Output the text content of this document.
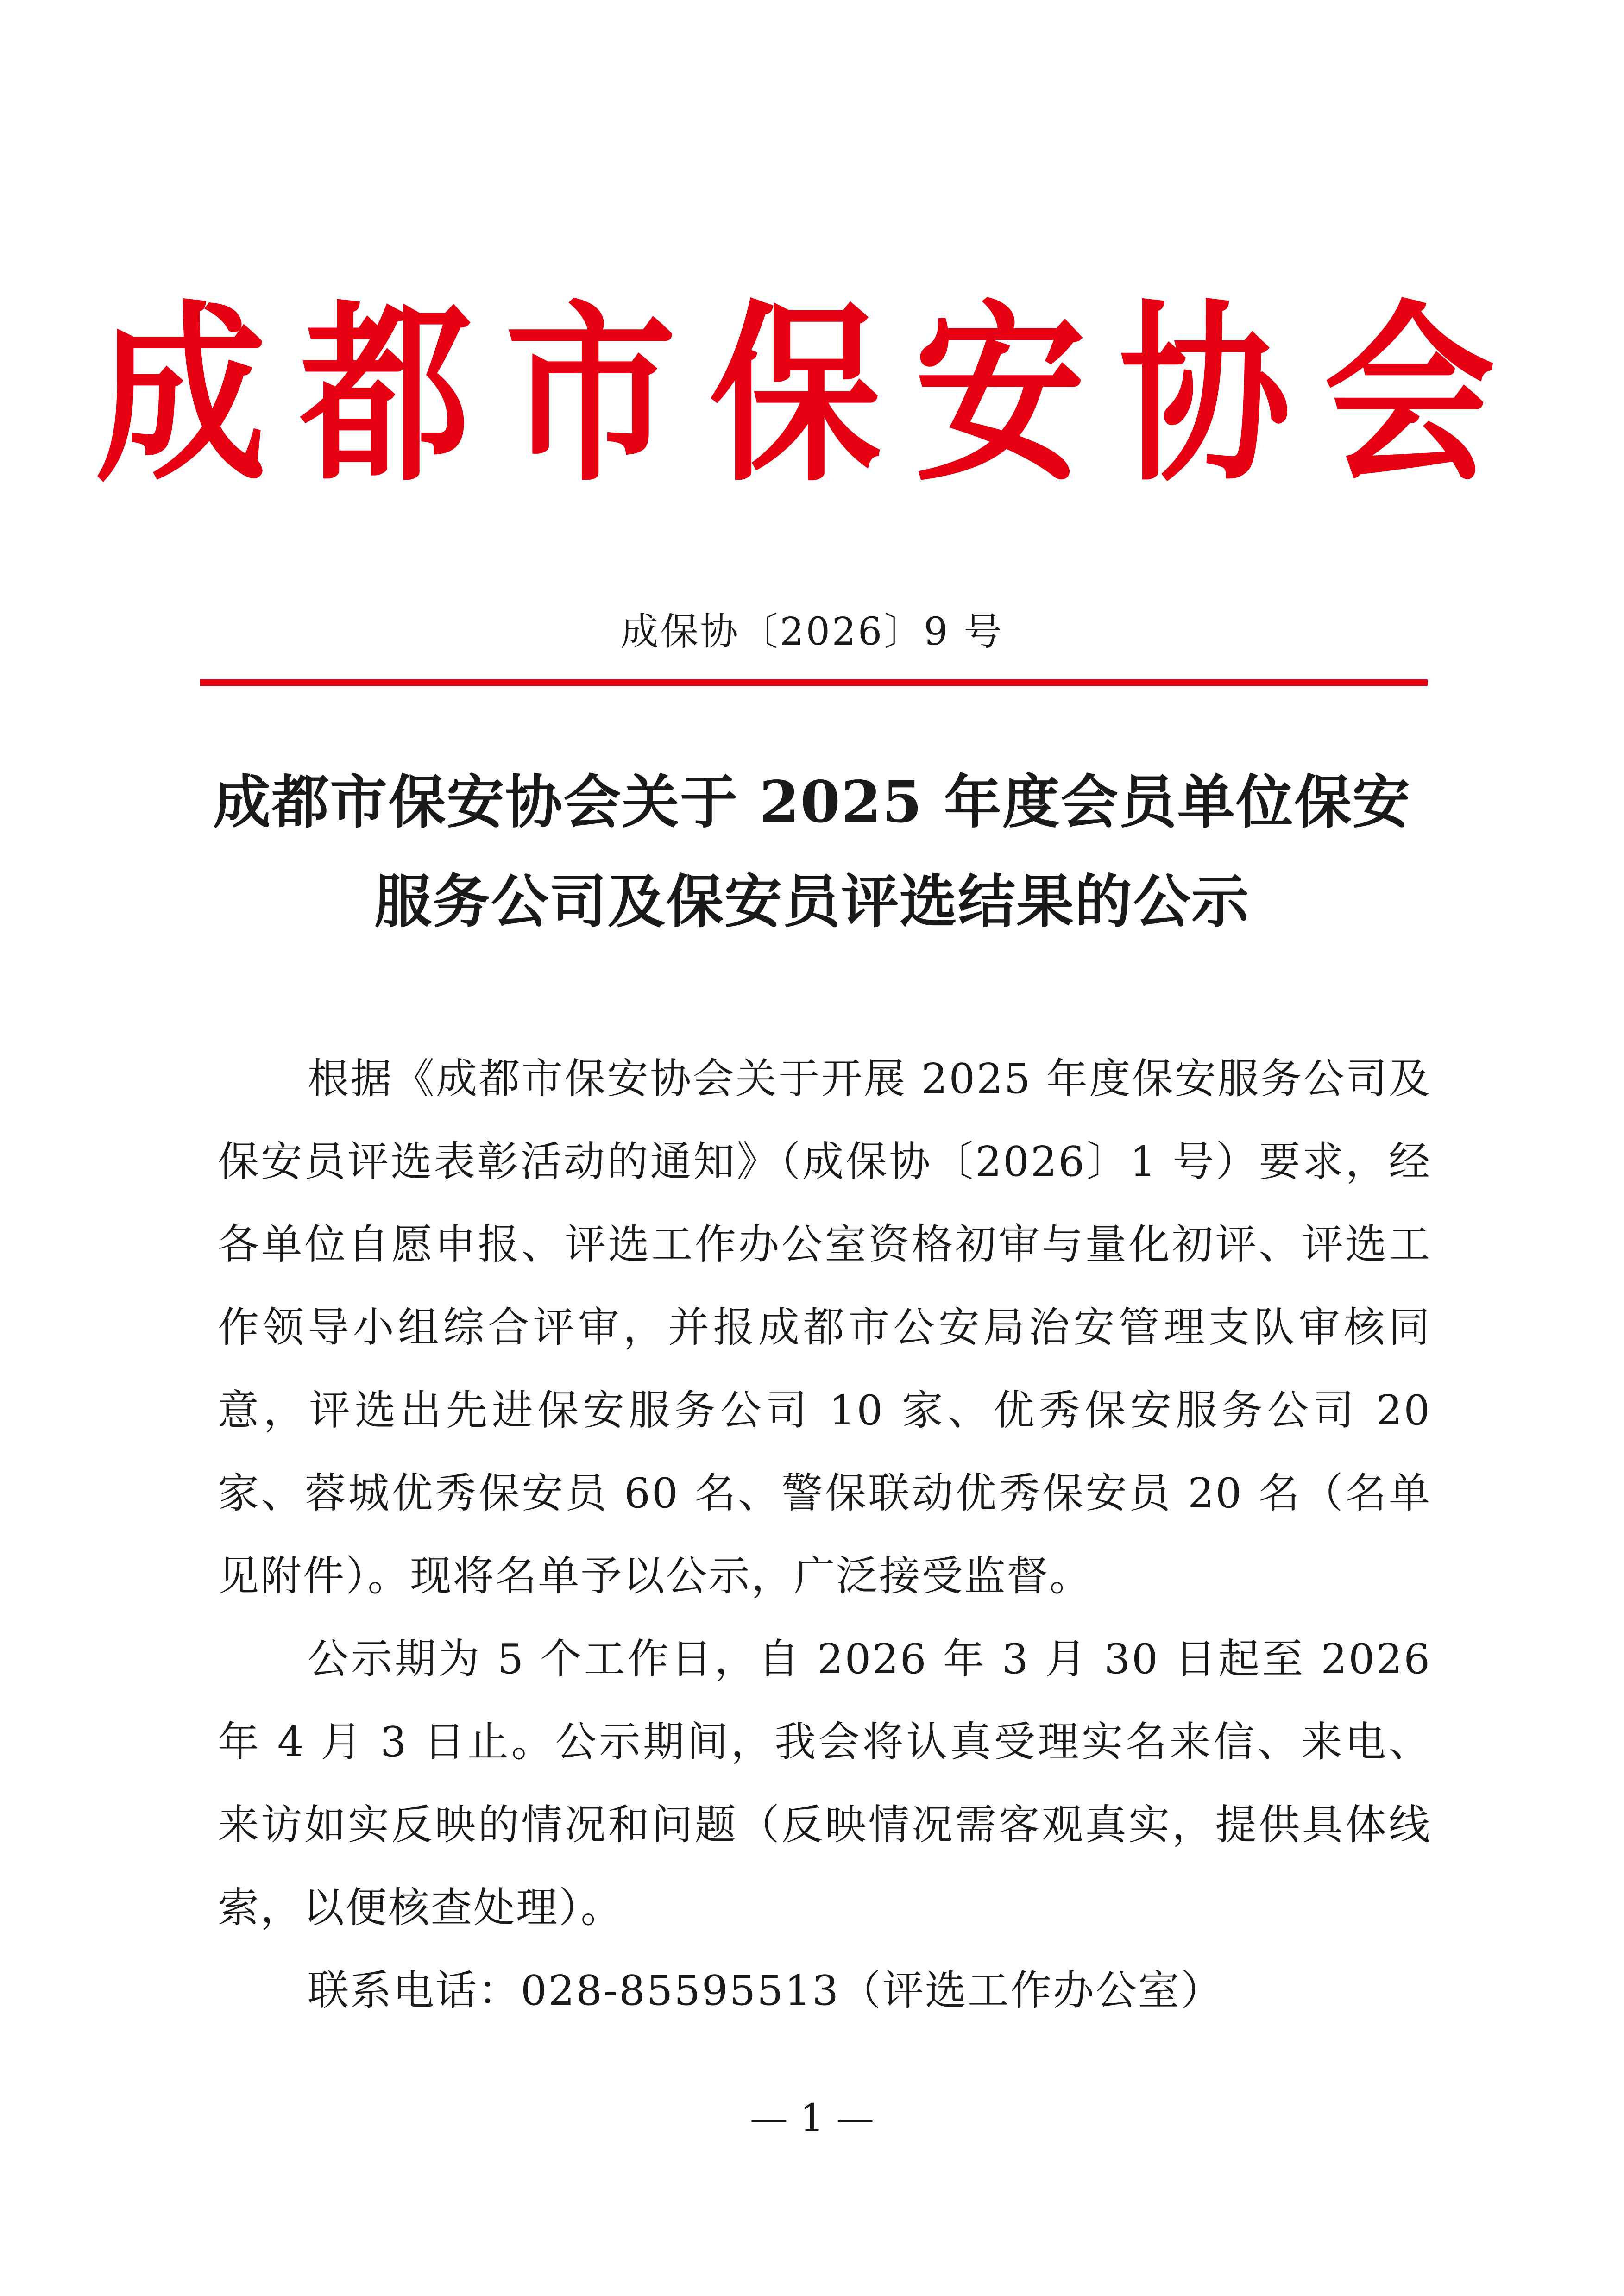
成都市保安协会
成保协〔2026〕9 号
成都市保安协会关于 2025 年度会员单位保安
服务公司及保安员评选结果的公示

根据《成都市保安协会关于开展 2025 年度保安服务公司及保安员评选表彰活动的通知》（成保协〔2026〕1 号）要求，经各单位自愿申报、评选工作办公室资格初审与量化初评、评选工作领导小组综合评审，并报成都市公安局治安管理支队审核同意，评选出先进保安服务公司 10 家、优秀保安服务公司 20 家、蓉城优秀保安员 60 名、警保联动优秀保安员 20 名（名单见附件）。现将名单予以公示，广泛接受监督。

公示期为 5 个工作日，自 2026 年 3 月 30 日起至 2026 年 4 月 3 日止。公示期间，我会将认真受理实名来信、来电、来访如实反映的情况和问题（反映情况需客观真实，提供具体线索，以便核查处理）。

联系电话：028-85595513（评选工作办公室）

— 1 —
